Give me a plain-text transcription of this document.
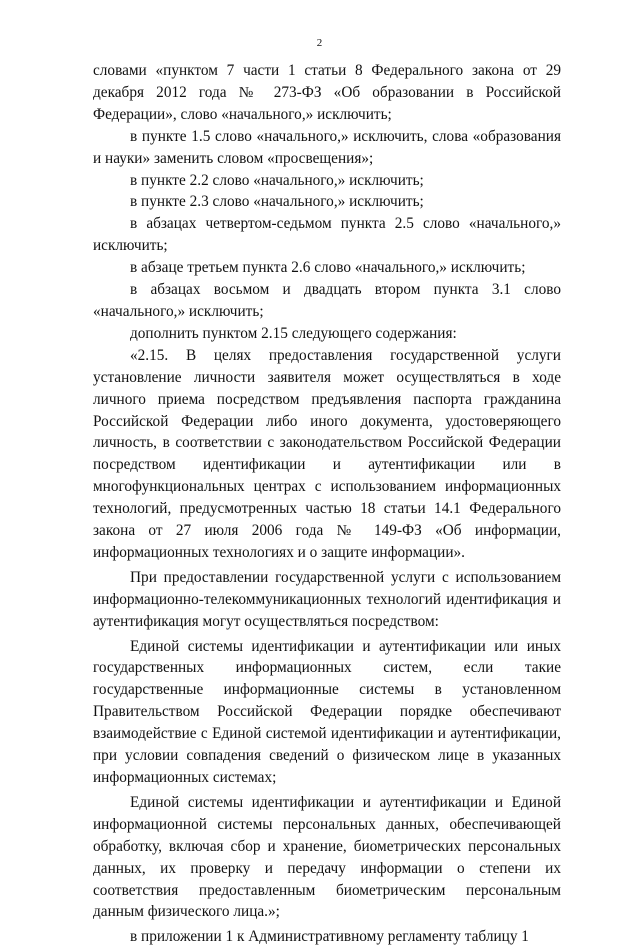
2

словами «пунктом 7 части 1 статьи 8 Федерального закона от 29 декабря 2012 года № 273-ФЗ «Об образовании в Российской Федерации», слово «начального,» исключить;

в пункте 1.5 слово «начального,» исключить, слова «образования и науки» заменить словом «просвещения»;

в пункте 2.2 слово «начального,» исключить;

в пункте 2.3 слово «начального,» исключить;

в абзацах четвертом-седьмом пункта 2.5 слово «начального,» исключить;

в абзаце третьем пункта 2.6 слово «начального,» исключить;

в абзацах восьмом и двадцать втором пункта 3.1 слово «начального,» исключить;

дополнить пунктом 2.15 следующего содержания:

«2.15. В целях предоставления государственной услуги установление личности заявителя может осуществляться в ходе личного приема посредством предъявления паспорта гражданина Российской Федерации либо иного документа, удостоверяющего личность, в соответствии с законодательством Российской Федерации посредством идентификации и аутентификации или в многофункциональных центрах с использованием информационных технологий, предусмотренных частью 18 статьи 14.1 Федерального закона от 27 июля 2006 года № 149-ФЗ «Об информации, информационных технологиях и о защите информации».

При предоставлении государственной услуги с использованием информационно-телекоммуникационных технологий идентификация и аутентификация могут осуществляться посредством:

Единой системы идентификации и аутентификации или иных государственных информационных систем, если такие государственные информационные системы в установленном Правительством Российской Федерации порядке обеспечивают взаимодействие с Единой системой идентификации и аутентификации, при условии совпадения сведений о физическом лице в указанных информационных системах;

Единой системы идентификации и аутентификации и Единой информационной системы персональных данных, обеспечивающей обработку, включая сбор и хранение, биометрических персональных данных, их проверку и передачу информации о степени их соответствия предоставленным биометрическим персональным данным физического лица.»;

в приложении 1 к Административному регламенту таблицу 1
